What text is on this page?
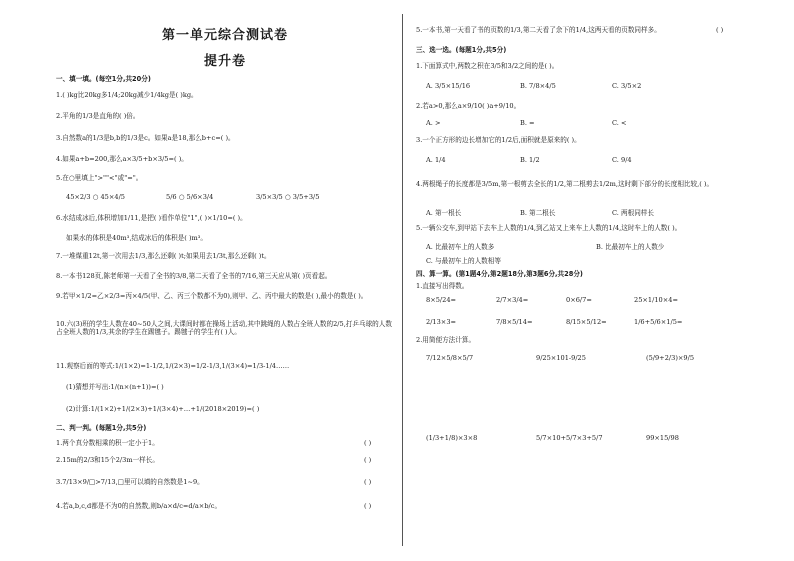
第一单元综合测试卷
提升卷
一、填一填。(每空1分,共20分)
1.( )kg比20kg多1/4;20kg减少1/4kg是( )kg。
2.平角的1/3是直角的( )倍。
3.自然数a的1/3是b,b的1/3是c。如果a是18,那么b+c=( )。
4.如果a+b=200,那么a×3/5+b×3/5=( )。
5.在○里填上">""<"或"="。
45×2/3 ○ 45×4/5	5/6 ○ 5/6×3/4	3/5×3/5 ○ 3/5+3/5
6.水结成冰后,体积增加1/11,是把( )看作单位"1",( )×1/10=( )。
如果水的体积是40m³,结成冰后的体积是( )m³。
7.一堆煤重12t,第一次用去1/3,那么还剩( )t;如果用去1/3t,那么还剩( )t。
8.一本书128页,陈老师第一天看了全书的3/8,第二天看了全书的7/16,第三天应从第( )页看起。
9.若甲×1/2=乙×2/3=丙×4/5(甲、乙、丙三个数都不为0),则甲、乙、丙中最大的数是( ),最小的数是( )。
10.六(3)班的学生人数在40~50人之间,大课间时都在操场上活动,其中跳绳的人数占全班人数的2/5,打乒乓球的人数占全班人数的1/3,其余的学生在踢毽子。踢毽子的学生有( )人。
11.观察后面的等式:1/(1×2)=1-1/2,1/(2×3)=1/2-1/3,1/(3×4)=1/3-1/4……
(1)猜想并写出:1/(n×(n+1))=( )
(2)计算:1/(1×2)+1/(2×3)+1/(3×4)+…+1/(2018×2019)=( )
二、判一判。(每题1分,共5分)
1.两个真分数相乘的积一定小于1。	( )
2.15m的2/3和15个2/3m一样长。	( )
3.7/13×9/□>7/13,□里可以填的自然数是1~9。	( )
4.若a,b,c,d都是不为0的自然数,则b/a×d/c=d/a×b/c。	( )
5.一本书,第一天看了书的页数的1/3,第二天看了余下的1/4,这两天看的页数同样多。	( )
三、选一选。(每题1分,共5分)
1.下面算式中,两数之积在3/5和3/2之间的是( )。
A. 3/5×15/16	B. 7/8×4/5	C. 3/5×2
2.若a>0,那么a×9/10( )a+9/10。
A. >	B. =	C. <
3.一个正方形的边长增加它的1/2后,面积就是原来的( )。
A. 1/4	B. 1/2	C. 9/4
4.两根绳子的长度都是3/5m,第一根剪去全长的1/2,第二根剪去1/2m,这时剩下部分的长度相比较,( )。
A. 第一根长	B. 第二根长	C. 两根同样长
5.一辆公交车,到甲站下去车上人数的1/4,到乙站又上来车上人数的1/4,这时车上的人数( )。
A. 比最初车上的人数多	B. 比最初车上的人数少
C. 与最初车上的人数相等
四、算一算。(第1题4分,第2题18分,第3题6分,共28分)
1.直接写出得数。
8×5/24=	2/7×3/4=	0×6/7=	25×1/10×4=
2/13×3=	7/8×5/14=	8/15×5/12=	1/6+5/6×1/5=
2.用简便方法计算。
7/12×5/8×5/7	9/25×101-9/25	(5/9+2/3)×9/5
(1/3+1/8)×3×8	5/7×10+5/7×3+5/7	99×15/98
